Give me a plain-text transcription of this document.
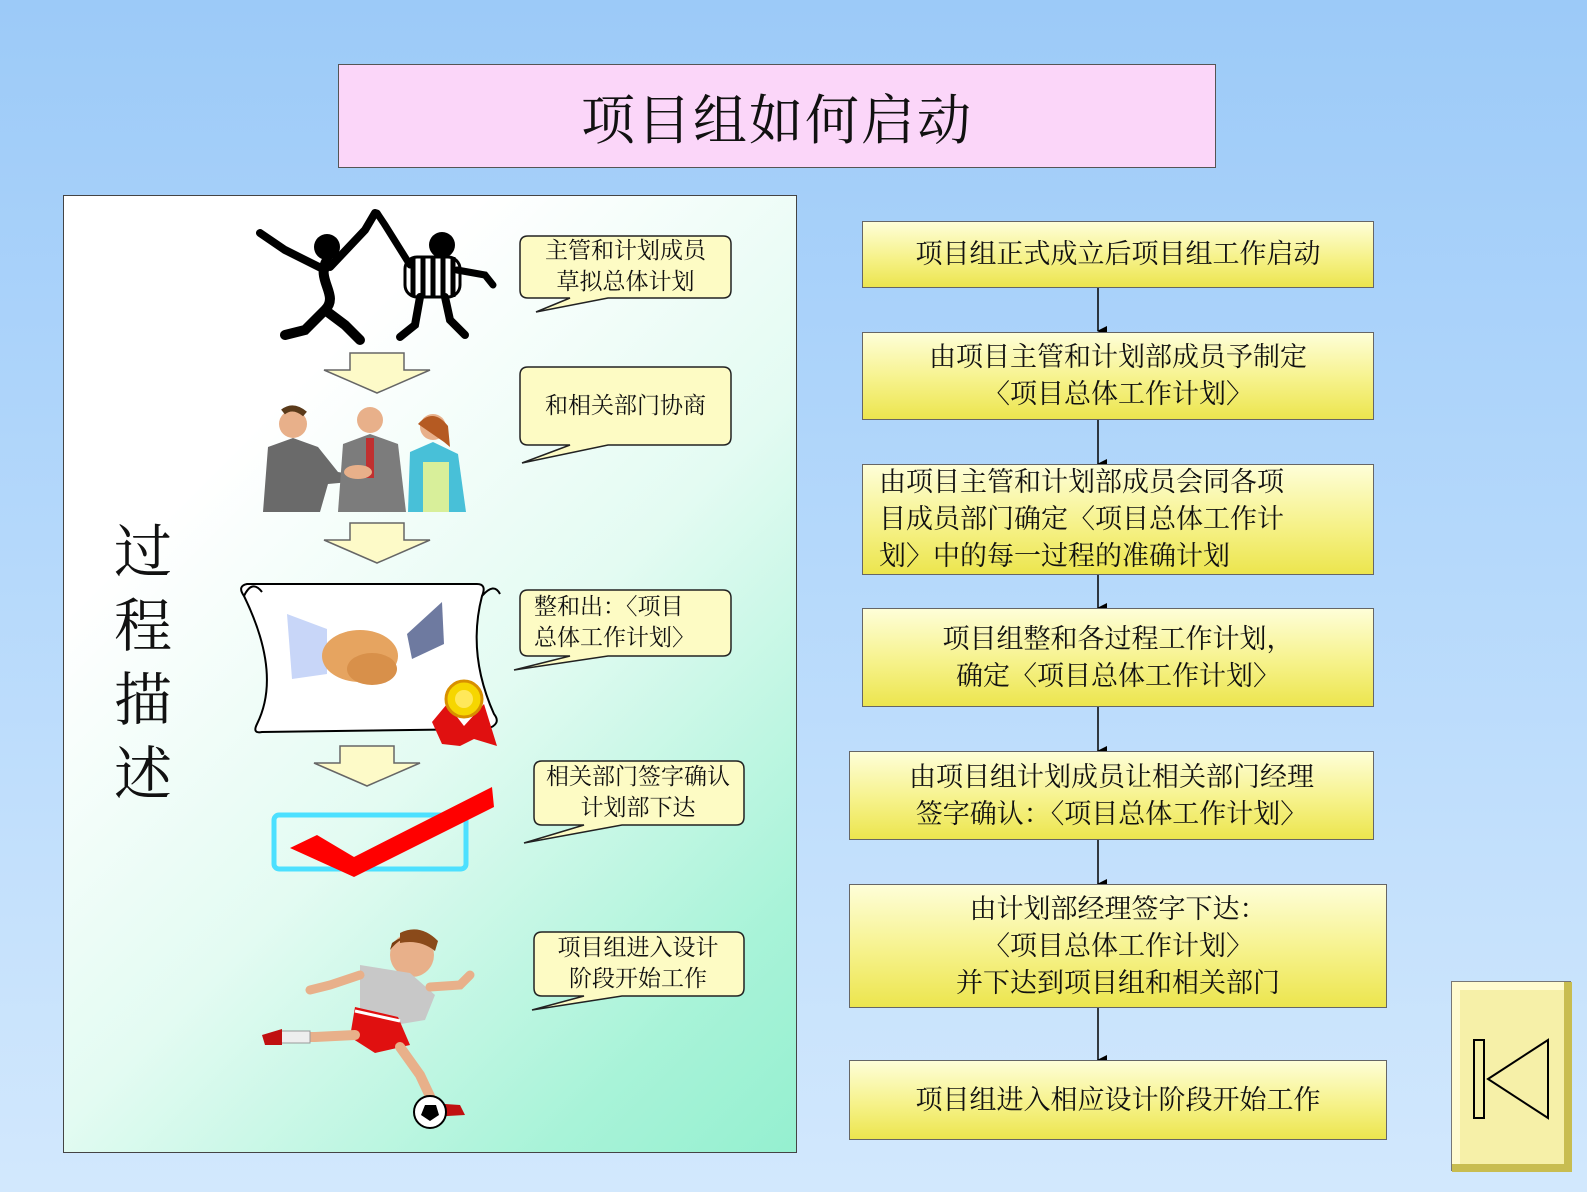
项目组如何启动
过
程
描
述
主管和计划成员
草拟总体计划
和相关部门协商
整和出：〈项目
总体工作计划〉
相关部门签字确认
计划部下达
项目组进入设计
阶段开始工作
项目组正式成立后项目组工作启动
由项目主管和计划部成员予制定
〈项目总体工作计划〉
由项目主管和计划部成员会同各项
目成员部门确定〈项目总体工作计
划〉中的每一过程的准确计划
项目组整和各过程工作计划，
确定〈项目总体工作计划〉
由项目组计划成员让相关部门经理
签字确认：〈项目总体工作计划〉
由计划部经理签字下达：
〈项目总体工作计划〉
并下达到项目组和相关部门
项目组进入相应设计阶段开始工作
